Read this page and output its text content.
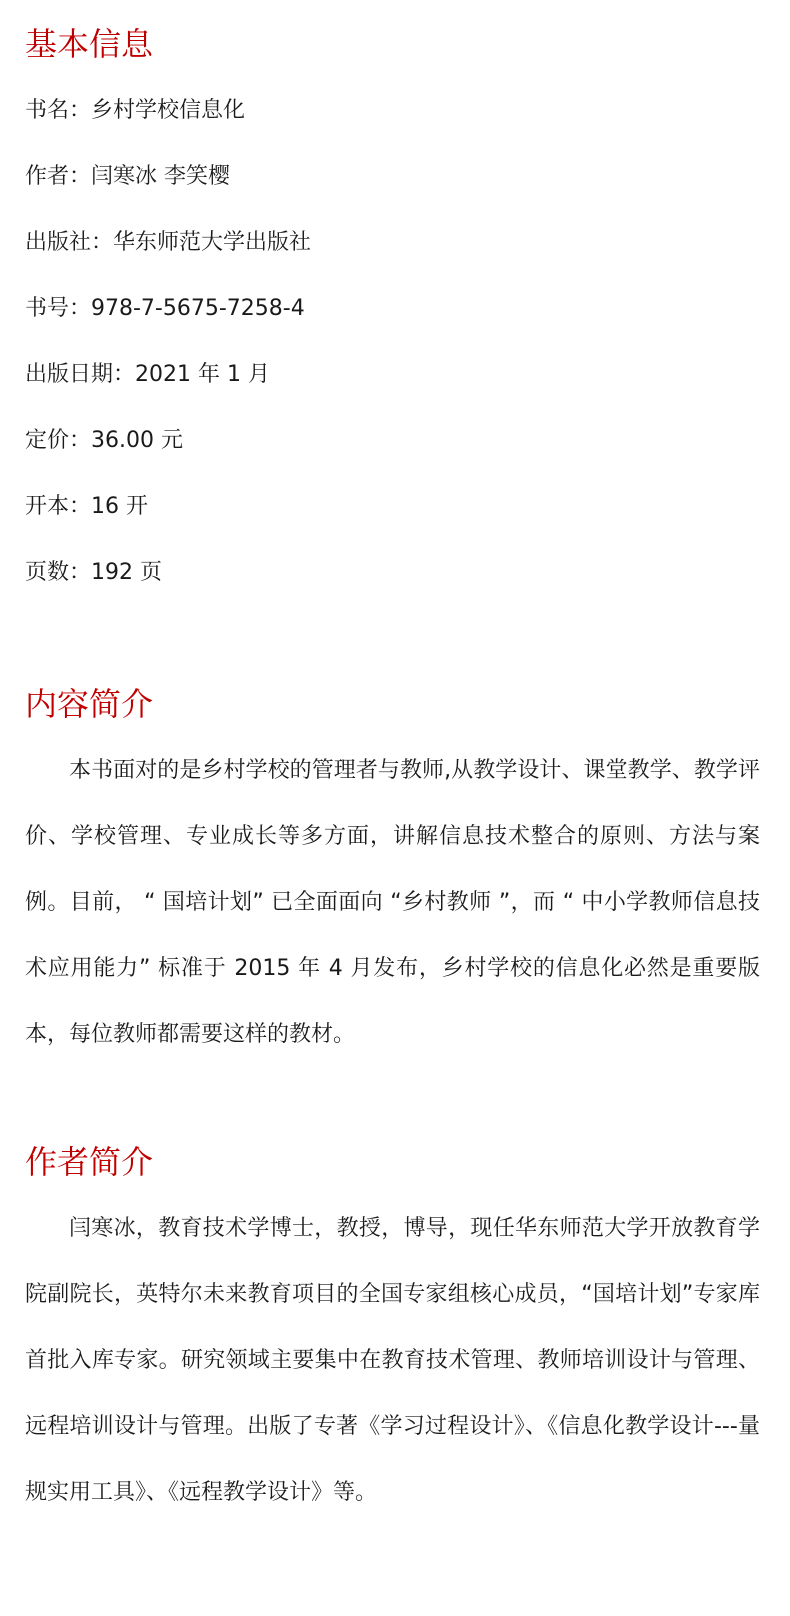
基本信息
书名：乡村学校信息化
作者：闫寒冰 李笑樱
出版社：华东师范大学出版社
书号：978-7-5675-7258-4
出版日期：2021 年 1 月
定价：36.00 元
开本：16 开
页数：192 页
内容简介

本书面对的是乡村学校的管理者与教师,从教学设计、课堂教学、教学评价、学校管理、专业成长等多方面，讲解信息技术整合的原则、方法与案例。目前， “ 国培计划” 已全面面向 “乡村教师 ”，而 “ 中小学教师信息技术应用能力” 标准于 2015 年 4 月发布，乡村学校的信息化必然是重要版本，每位教师都需要这样的教材。

作者简介

闫寒冰，教育技术学博士，教授，博导，现任华东师范大学开放教育学院副院长，英特尔未来教育项目的全国专家组核心成员，“国培计划”专家库首批入库专家。研究领域主要集中在教育技术管理、教师培训设计与管理、远程培训设计与管理。出版了专著《学习过程设计》、《信息化教学设计---量规实用工具》、《远程教学设计》等。
